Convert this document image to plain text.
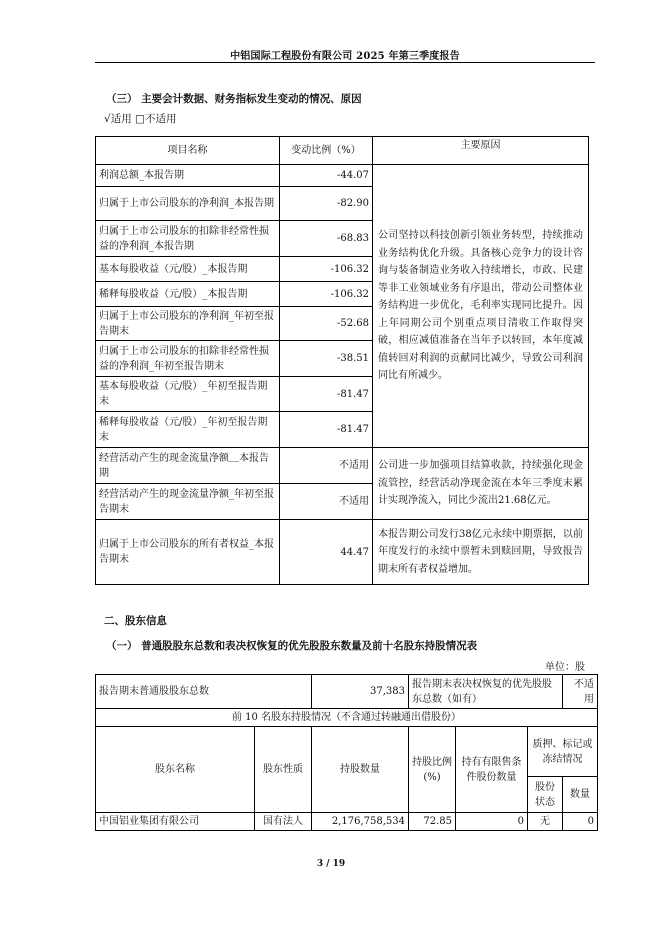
中铝国际工程股份有限公司 2025 年第三季度报告
（三） 主要会计数据、财务指标发生变动的情况、原因
√适用 □不适用
项目名称	变动比例（%）	主要原因
利润总额_本报告期	-44.07	公司坚持以科技创新引领业务转型，持续推动业务结构优化升级。具备核心竞争力的设计咨询与装备制造业务收入持续增长，市政、民建等非工业领域业务有序退出，带动公司整体业务结构进一步优化，毛利率实现同比提升。因上年同期公司个别重点项目清收工作取得突破，相应减值准备在当年予以转回，本年度减值转回对利润的贡献同比减少，导致公司利润同比有所减少。
归属于上市公司股东的净利润_本报告期	-82.90	
归属于上市公司股东的扣除非经常性损益的净利润_本报告期	-68.83	
基本每股收益（元/股）_本报告期	-106.32	
稀释每股收益（元/股）_本报告期	-106.32	
归属于上市公司股东的净利润_年初至报告期末	-52.68	
归属于上市公司股东的扣除非经常性损益的净利润_年初至报告期末	-38.51	
基本每股收益（元/股）_年初至报告期末	-81.47	
稀释每股收益（元/股）_年初至报告期末	-81.47	
经营活动产生的现金流量净额＿本报告期	不适用	公司进一步加强项目结算收款，持续强化现金流管控，经营活动净现金流在本年三季度末累计实现净流入，同比少流出21.68亿元。
经营活动产生的现金流量净额_年初至报告期末	不适用	
归属于上市公司股东的所有者权益_本报告期末	44.47	本报告期公司发行38亿元永续中期票据，以前年度发行的永续中票暂未到赎回期，导致报告期末所有者权益增加。
二、股东信息
（一） 普通股股东总数和表决权恢复的优先股股东数量及前十名股东持股情况表
单位：股
报告期末普通股股东总数		37,383	报告期末表决权恢复的优先股股东总数（如有）			不适用
前 10 名股东持股情况（不含通过转融通出借股份）						
股东名称	股东性质	持股数量	持股比例(%)	持有有限售条件股份数量	质押、标记或冻结情况	
					股份状态	数量
中国铝业集团有限公司	国有法人	2,176,758,534	72.85	0	无	0
3 / 19
